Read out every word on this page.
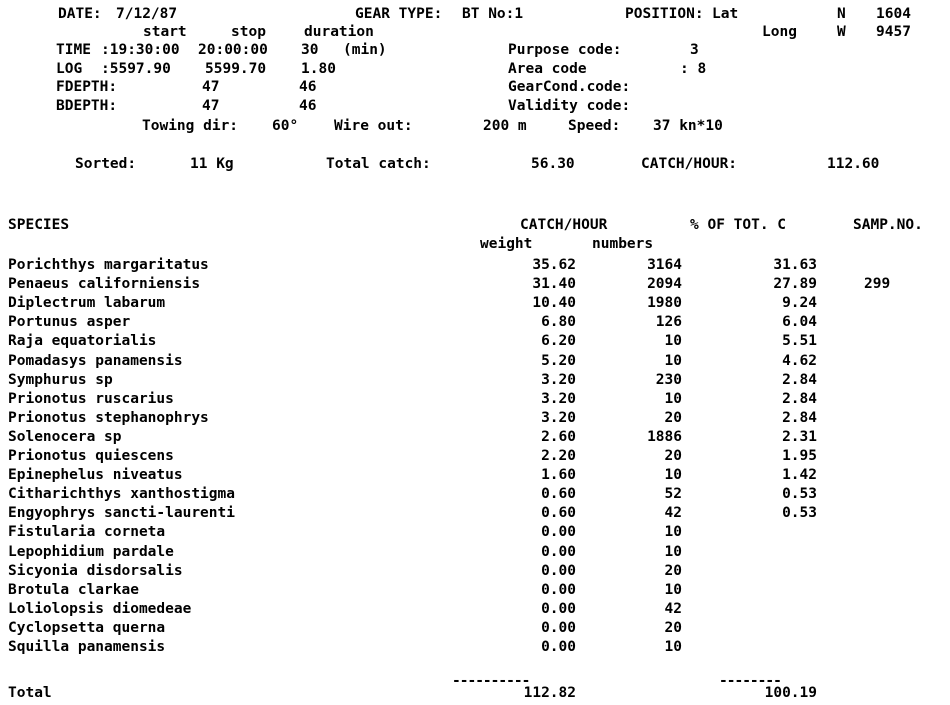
DATE: 7/12/87	GEAR TYPE: BT No:1	POSITION: Lat	N 1604
start	stop	duration	Long	W 9457
TIME :19:30:00 20:00:00 30 (min)	Purpose code:	3
LOG :5597.90 5599.70 1.80	Area code	: 8
FDEPTH:	47	46	GearCond.code:
BDEPTH:	47	46	Validity code:
Towing dir: 60° Wire out:	200 m	Speed: 37 kn*10
Sorted:	11 Kg	Total catch:	56.30	CATCH/HOUR:	112.60
SPECIES	CATCH/HOUR	% OF TOT. C	SAMP.NO.
weight	numbers
Porichthys margaritatus	35.62	3164	31.63
Penaeus californiensis	31.40	2094	27.89	299
Diplectrum labarum	10.40	1980	9.24
Portunus asper	6.80	126	6.04
Raja equatorialis	6.20	10	5.51
Pomadasys panamensis	5.20	10	4.62
Symphurus sp	3.20	230	2.84
Prionotus ruscarius	3.20	10	2.84
Prionotus stephanophrys	3.20	20	2.84
Solenocera sp	2.60	1886	2.31
Prionotus quiescens	2.20	20	1.95
Epinephelus niveatus	1.60	10	1.42
Citharichthys xanthostigma	0.60	52	0.53
Engyophrys sancti-laurenti	0.60	42	0.53
Fistularia corneta	0.00	10
Lepophidium pardale	0.00	10
Sicyonia disdorsalis	0.00	20
Brotula clarkae	0.00	10
Loliolopsis diomedeae	0.00	42
Cyclopsetta querna	0.00	20
Squilla panamensis	0.00	10
----------	--------
Total	112.82	100.19
